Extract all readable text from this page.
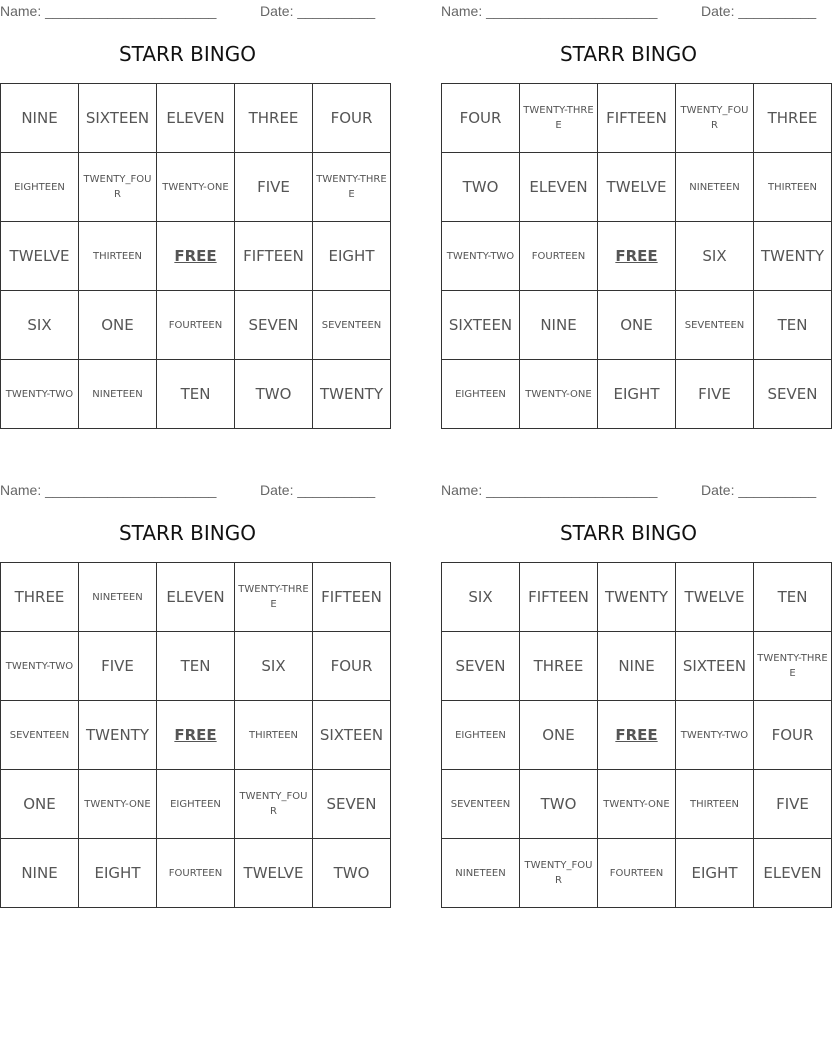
Name: ______________________	Date: __________
STARR BINGO
NINE	SIXTEEN	ELEVEN	THREE	FOUR
EIGHTEEN	TWENTY_FOUR	TWENTY-ONE	FIVE	TWENTY-THREE
TWELVE	THIRTEEN	FREE	FIFTEEN	EIGHT
SIX	ONE	FOURTEEN	SEVEN	SEVENTEEN
TWENTY-TWO	NINETEEN	TEN	TWO	TWENTY
Name: ______________________	Date: __________
STARR BINGO
FOUR	TWENTY-THREE	FIFTEEN	TWENTY_FOUR	THREE
TWO	ELEVEN	TWELVE	NINETEEN	THIRTEEN
TWENTY-TWO	FOURTEEN	FREE	SIX	TWENTY
SIXTEEN	NINE	ONE	SEVENTEEN	TEN
EIGHTEEN	TWENTY-ONE	EIGHT	FIVE	SEVEN
Name: ______________________	Date: __________
STARR BINGO
THREE	NINETEEN	ELEVEN	TWENTY-THREE	FIFTEEN
TWENTY-TWO	FIVE	TEN	SIX	FOUR
SEVENTEEN	TWENTY	FREE	THIRTEEN	SIXTEEN
ONE	TWENTY-ONE	EIGHTEEN	TWENTY_FOUR	SEVEN
NINE	EIGHT	FOURTEEN	TWELVE	TWO
Name: ______________________	Date: __________
STARR BINGO
SIX	FIFTEEN	TWENTY	TWELVE	TEN
SEVEN	THREE	NINE	SIXTEEN	TWENTY-THREE
EIGHTEEN	ONE	FREE	TWENTY-TWO	FOUR
SEVENTEEN	TWO	TWENTY-ONE	THIRTEEN	FIVE
NINETEEN	TWENTY_FOUR	FOURTEEN	EIGHT	ELEVEN
